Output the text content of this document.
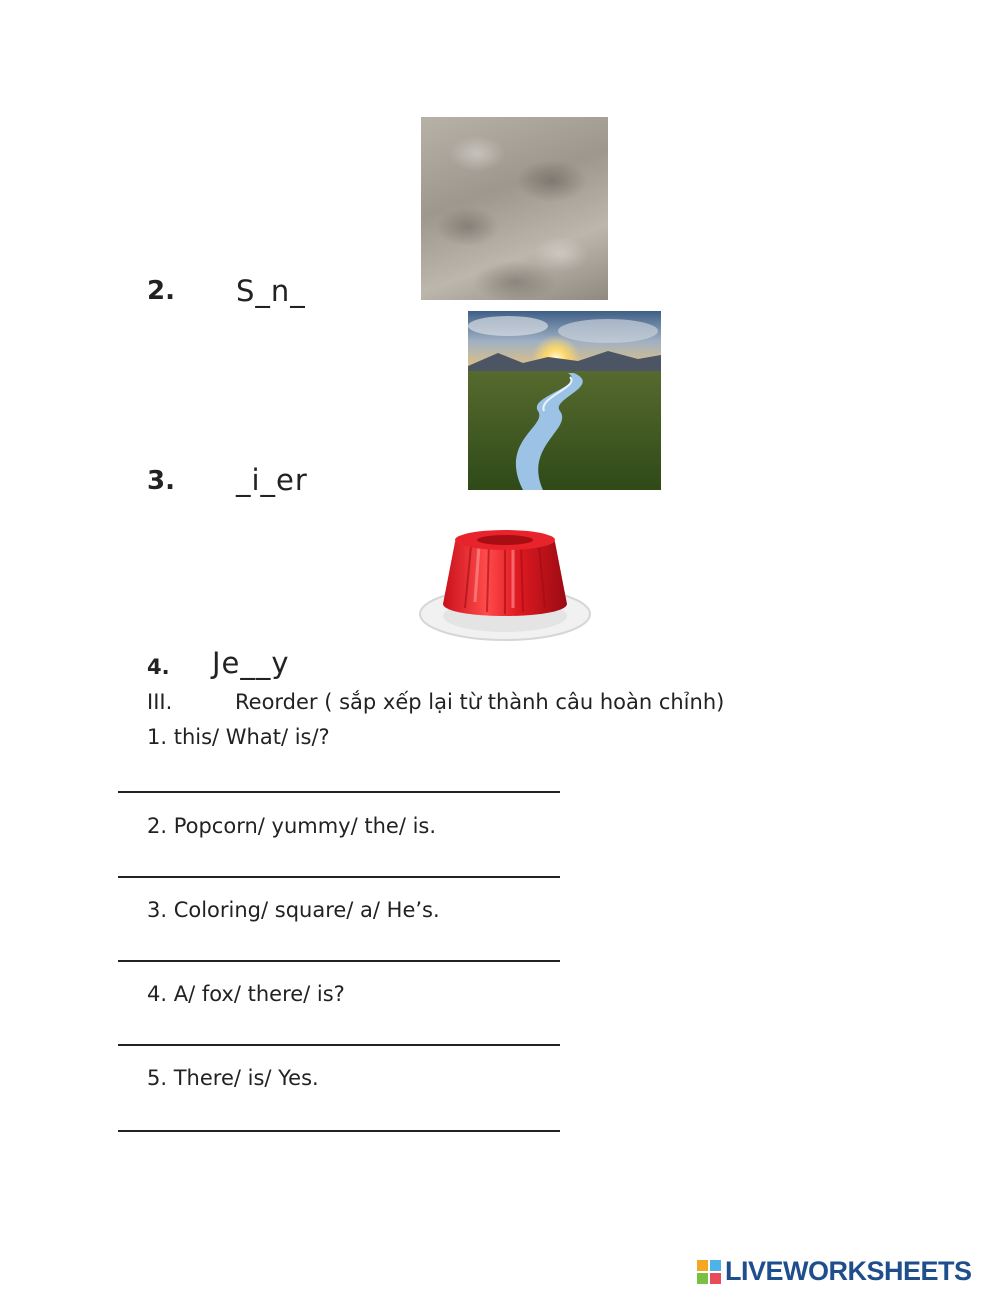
2. S_n_
3. _i_er
4. Je__y
III.	Reorder ( sắp xếp lại từ thành câu hoàn chỉnh)
1. this/ What/ is/?
2. Popcorn/ yummy/ the/ is.
3. Coloring/ square/ a/ He’s.
4. A/ fox/ there/ is?
5. There/ is/ Yes.
LIVEWORKSHEETS
